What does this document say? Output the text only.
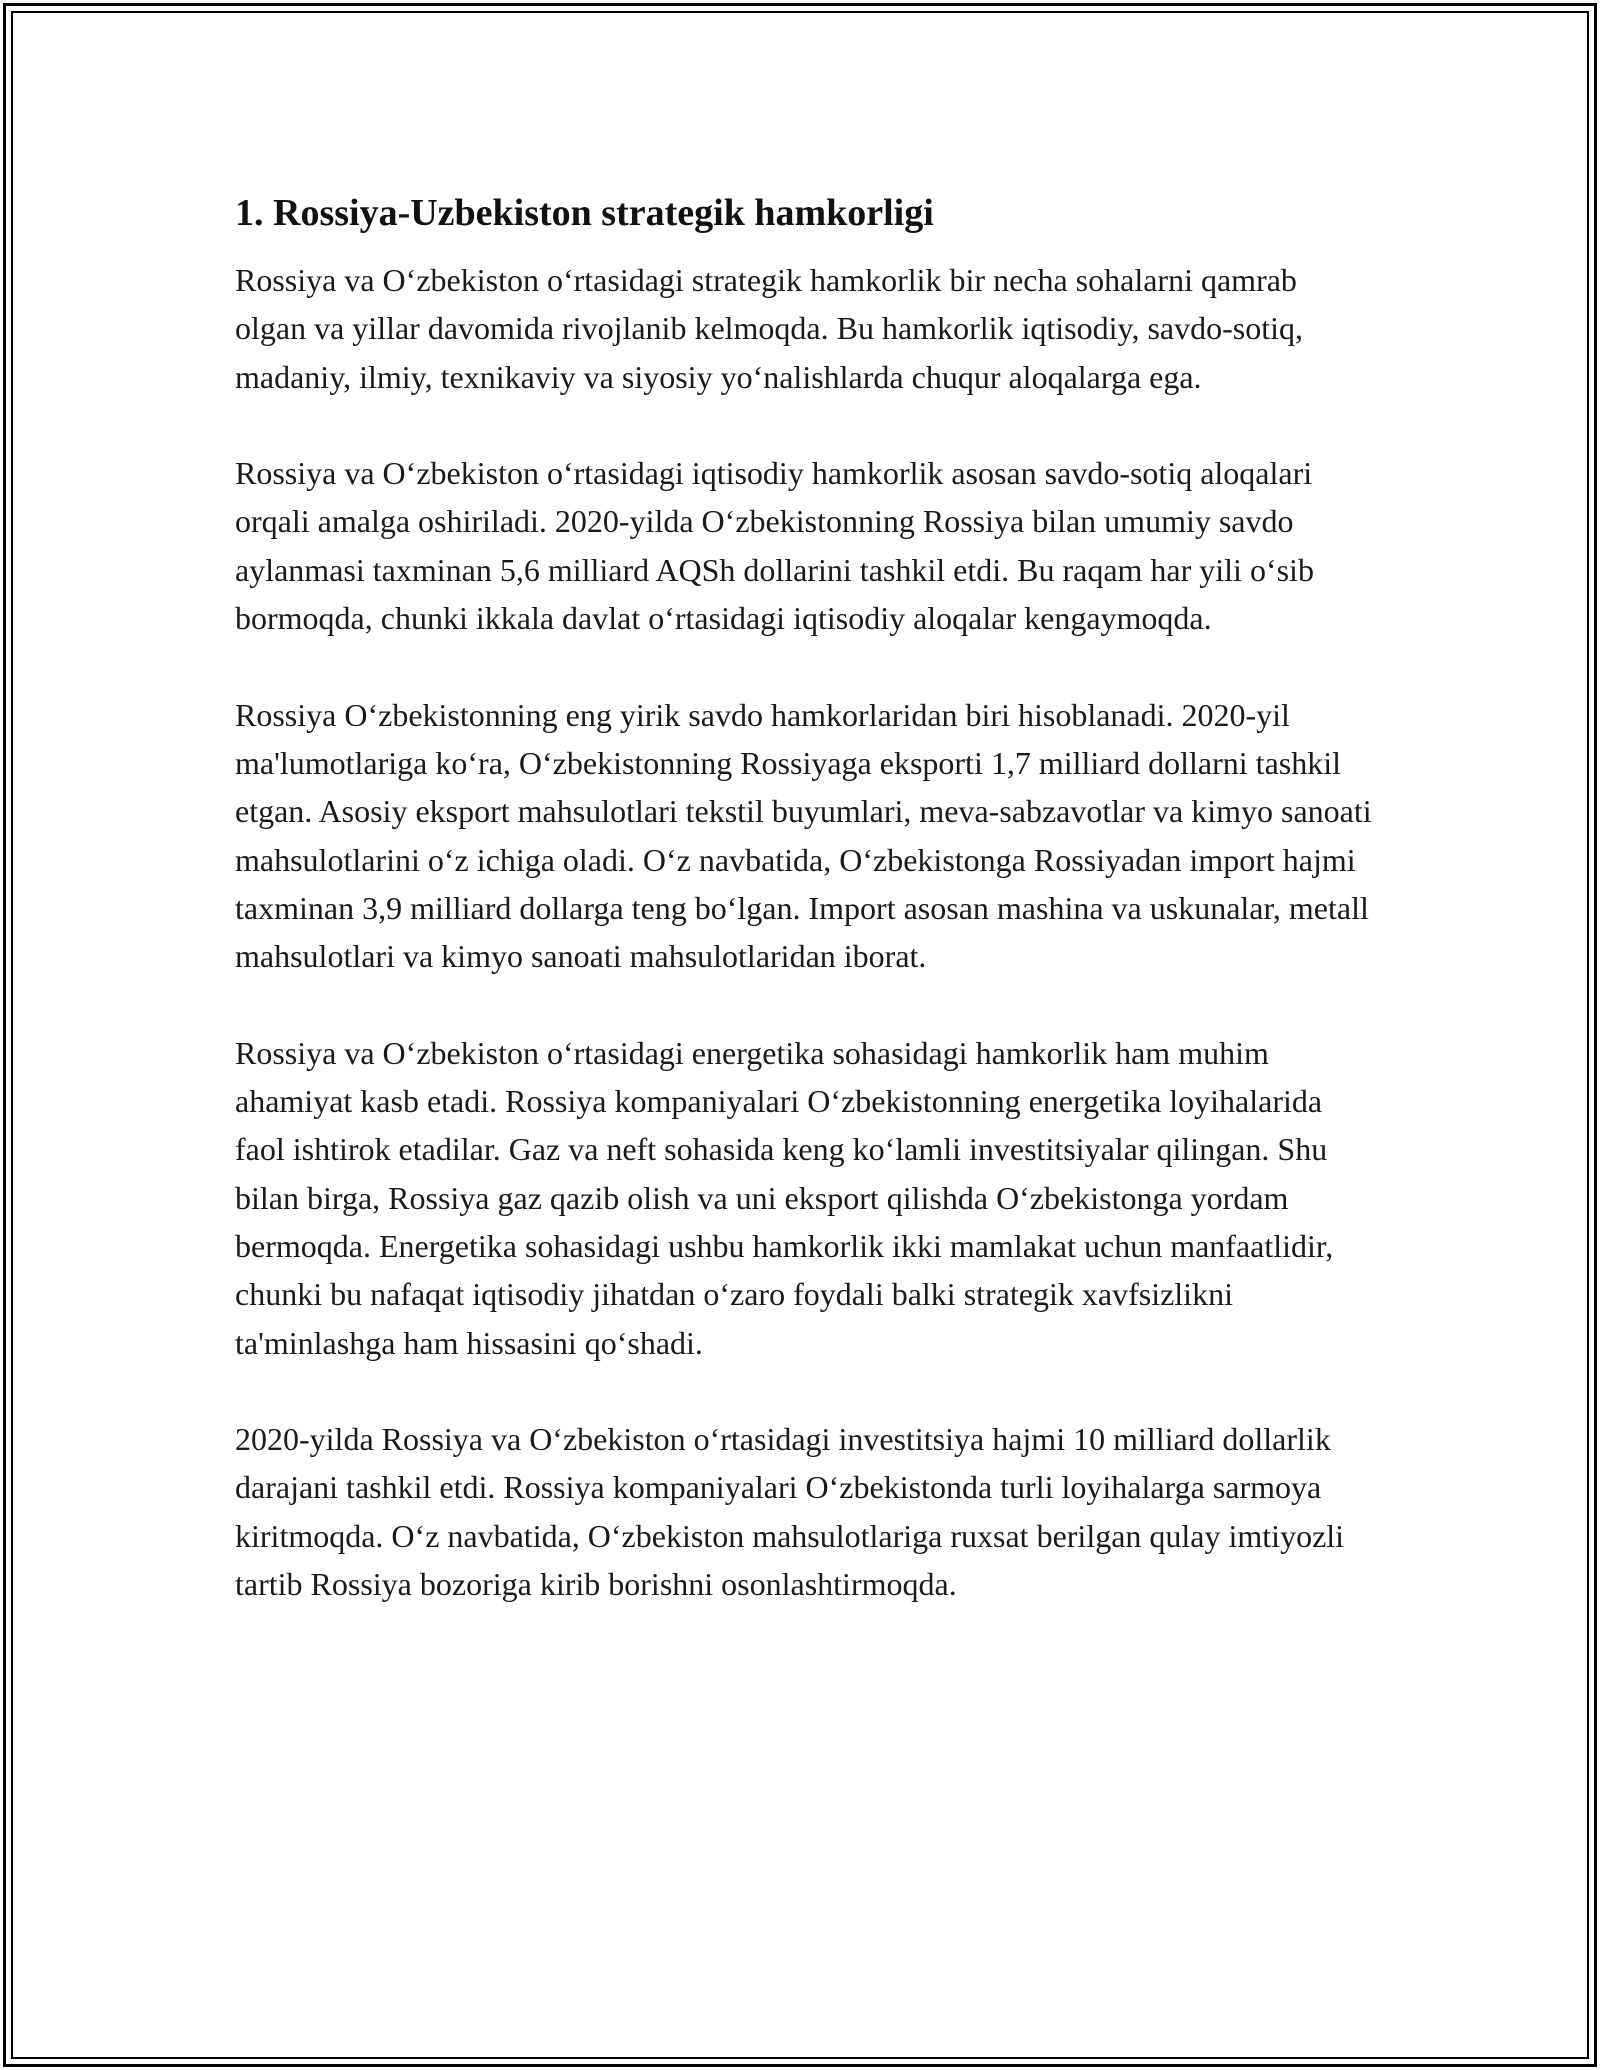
1. Rossiya-Uzbekiston strategik hamkorligi

Rossiya va O‘zbekiston o‘rtasidagi strategik hamkorlik bir necha sohalarni qamrab olgan va yillar davomida rivojlanib kelmoqda. Bu hamkorlik iqtisodiy, savdo-sotiq, madaniy, ilmiy, texnikaviy va siyosiy yo‘nalishlarda chuqur aloqalarga ega.

Rossiya va O‘zbekiston o‘rtasidagi iqtisodiy hamkorlik asosan savdo-sotiq aloqalari orqali amalga oshiriladi. 2020-yilda O‘zbekistonning Rossiya bilan umumiy savdo aylanmasi taxminan 5,6 milliard AQSh dollarini tashkil etdi. Bu raqam har yili o‘sib bormoqda, chunki ikkala davlat o‘rtasidagi iqtisodiy aloqalar kengaymoqda.

Rossiya O‘zbekistonning eng yirik savdo hamkorlaridan biri hisoblanadi. 2020-yil ma'lumotlariga ko‘ra, O‘zbekistonning Rossiyaga eksporti 1,7 milliard dollarni tashkil etgan. Asosiy eksport mahsulotlari tekstil buyumlari, meva-sabzavotlar va kimyo sanoati mahsulotlarini o‘z ichiga oladi. O‘z navbatida, O‘zbekistonga Rossiyadan import hajmi taxminan 3,9 milliard dollarga teng bo‘lgan. Import asosan mashina va uskunalar, metall mahsulotlari va kimyo sanoati mahsulotlaridan iborat.

Rossiya va O‘zbekiston o‘rtasidagi energetika sohasidagi hamkorlik ham muhim ahamiyat kasb etadi. Rossiya kompaniyalari O‘zbekistonning energetika loyihalarida faol ishtirok etadilar. Gaz va neft sohasida keng ko‘lamli investitsiyalar qilingan. Shu bilan birga, Rossiya gaz qazib olish va uni eksport qilishda O‘zbekistonga yordam bermoqda. Energetika sohasidagi ushbu hamkorlik ikki mamlakat uchun manfaatlidir, chunki bu nafaqat iqtisodiy jihatdan o‘zaro foydali balki strategik xavfsizlikni ta'minlashga ham hissasini qo‘shadi.

2020-yilda Rossiya va O‘zbekiston o‘rtasidagi investitsiya hajmi 10 milliard dollarlik darajani tashkil etdi. Rossiya kompaniyalari O‘zbekistonda turli loyihalarga sarmoya kiritmoqda. O‘z navbatida, O‘zbekiston mahsulotlariga ruxsat berilgan qulay imtiyozli tartib Rossiya bozoriga kirib borishni osonlashtirmoqda.
